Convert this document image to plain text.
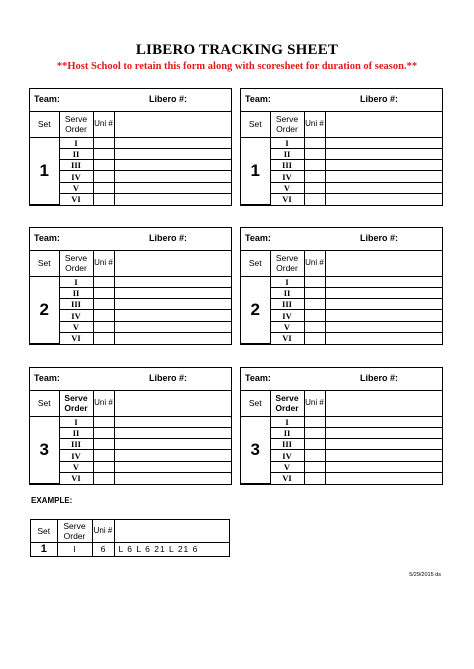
LIBERO TRACKING SHEET
**Host School to retain this form along with scoresheet for duration of season.**
Team:	Libero #:
Set	Serve Order	Uni #	
1	I		
	II		
	III		
	IV		
	V		
	VI		
Team:	Libero #:
Set	Serve Order	Uni #	
1	I		
	II		
	III		
	IV		
	V		
	VI		
Team:	Libero #:
Set	Serve Order	Uni #	
2	I		
	II		
	III		
	IV		
	V		
	VI		
Team:	Libero #:
Set	Serve Order	Uni #	
2	I		
	II		
	III		
	IV		
	V		
	VI		
Team:	Libero #:
Set	Serve Order	Uni #	
3	I		
	II		
	III		
	IV		
	V		
	VI		
Team:	Libero #:
Set	Serve Order	Uni #	
3	I		
	II		
	III		
	IV		
	V		
	VI		
EXAMPLE:
Set	Serve Order	Uni #	
1	I	6	L 6 L 6 21 L 21 6
5/29/2015 ds
